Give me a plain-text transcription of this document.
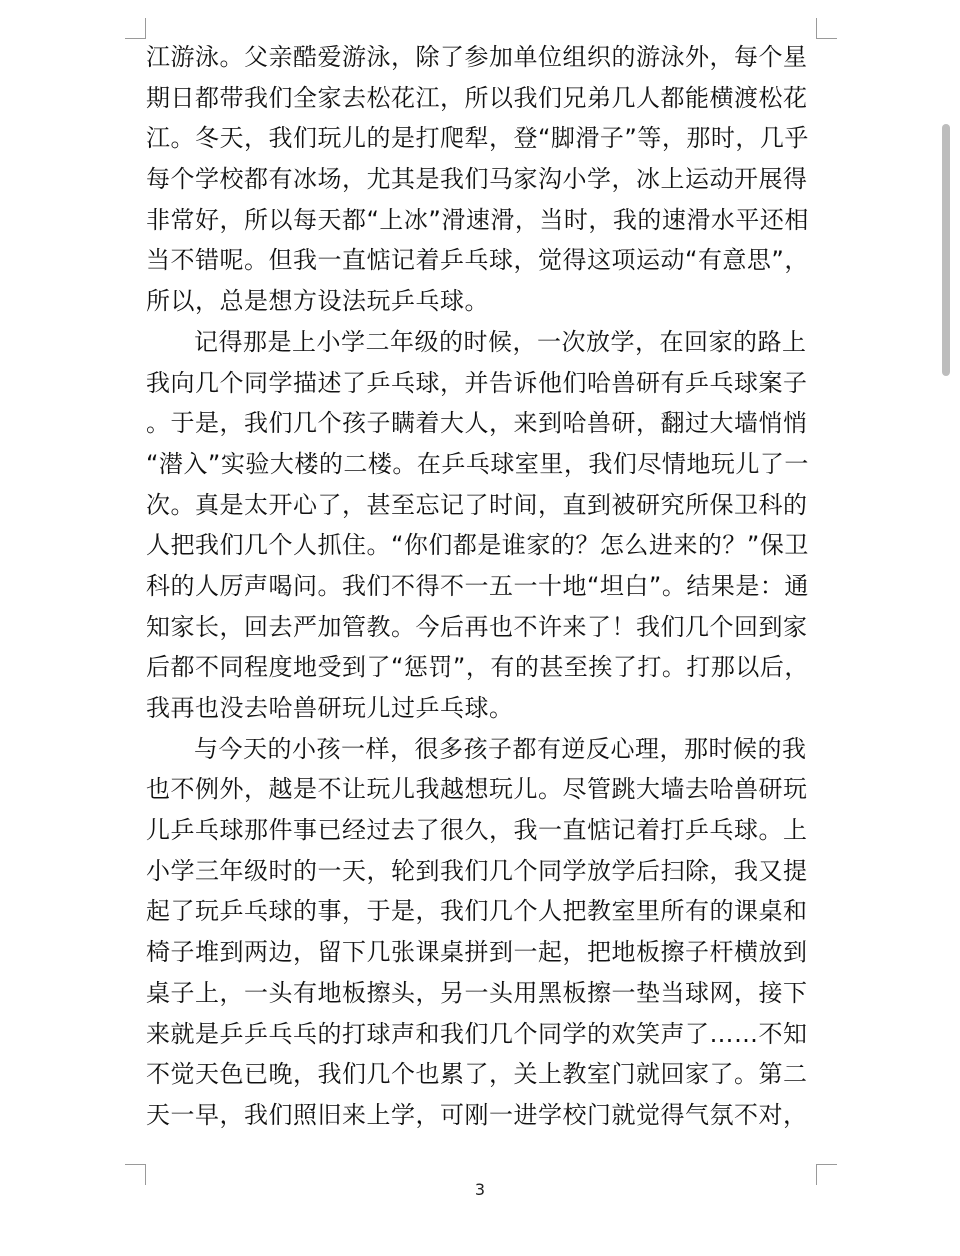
江游泳。父亲酷爱游泳，除了参加单位组织的游泳外，每个星
期日都带我们全家去松花江，所以我们兄弟几人都能横渡松花
江。冬天，我们玩儿的是打爬犁，登“脚滑子”等，那时，几乎
每个学校都有冰场，尤其是我们马家沟小学，冰上运动开展得
非常好，所以每天都“上冰”滑速滑，当时，我的速滑水平还相
当不错呢。但我一直惦记着乒乓球，觉得这项运动“有意思”，
所以，总是想方设法玩乒乓球。
记得那是上小学二年级的时候，一次放学，在回家的路上
我向几个同学描述了乒乓球，并告诉他们哈兽研有乒乓球案子
。于是，我们几个孩子瞒着大人，来到哈兽研，翻过大墙悄悄
“潜入”实验大楼的二楼。在乒乓球室里，我们尽情地玩儿了一
次。真是太开心了，甚至忘记了时间，直到被研究所保卫科的
人把我们几个人抓住。“你们都是谁家的？怎么进来的？”保卫
科的人厉声喝问。我们不得不一五一十地“坦白”。结果是：通
知家长，回去严加管教。今后再也不许来了！我们几个回到家
后都不同程度地受到了“惩罚”，有的甚至挨了打。打那以后，
我再也没去哈兽研玩儿过乒乓球。
与今天的小孩一样，很多孩子都有逆反心理，那时候的我
也不例外，越是不让玩儿我越想玩儿。尽管跳大墙去哈兽研玩
儿乒乓球那件事已经过去了很久，我一直惦记着打乒乓球。上
小学三年级时的一天，轮到我们几个同学放学后扫除，我又提
起了玩乒乓球的事，于是，我们几个人把教室里所有的课桌和
椅子堆到两边，留下几张课桌拼到一起，把地板擦子杆横放到
桌子上，一头有地板擦头，另一头用黑板擦一垫当球网，接下
来就是乒乒乓乓的打球声和我们几个同学的欢笑声了……不知
不觉天色已晚，我们几个也累了，关上教室门就回家了。第二
天一早，我们照旧来上学，可刚一进学校门就觉得气氛不对，
3
